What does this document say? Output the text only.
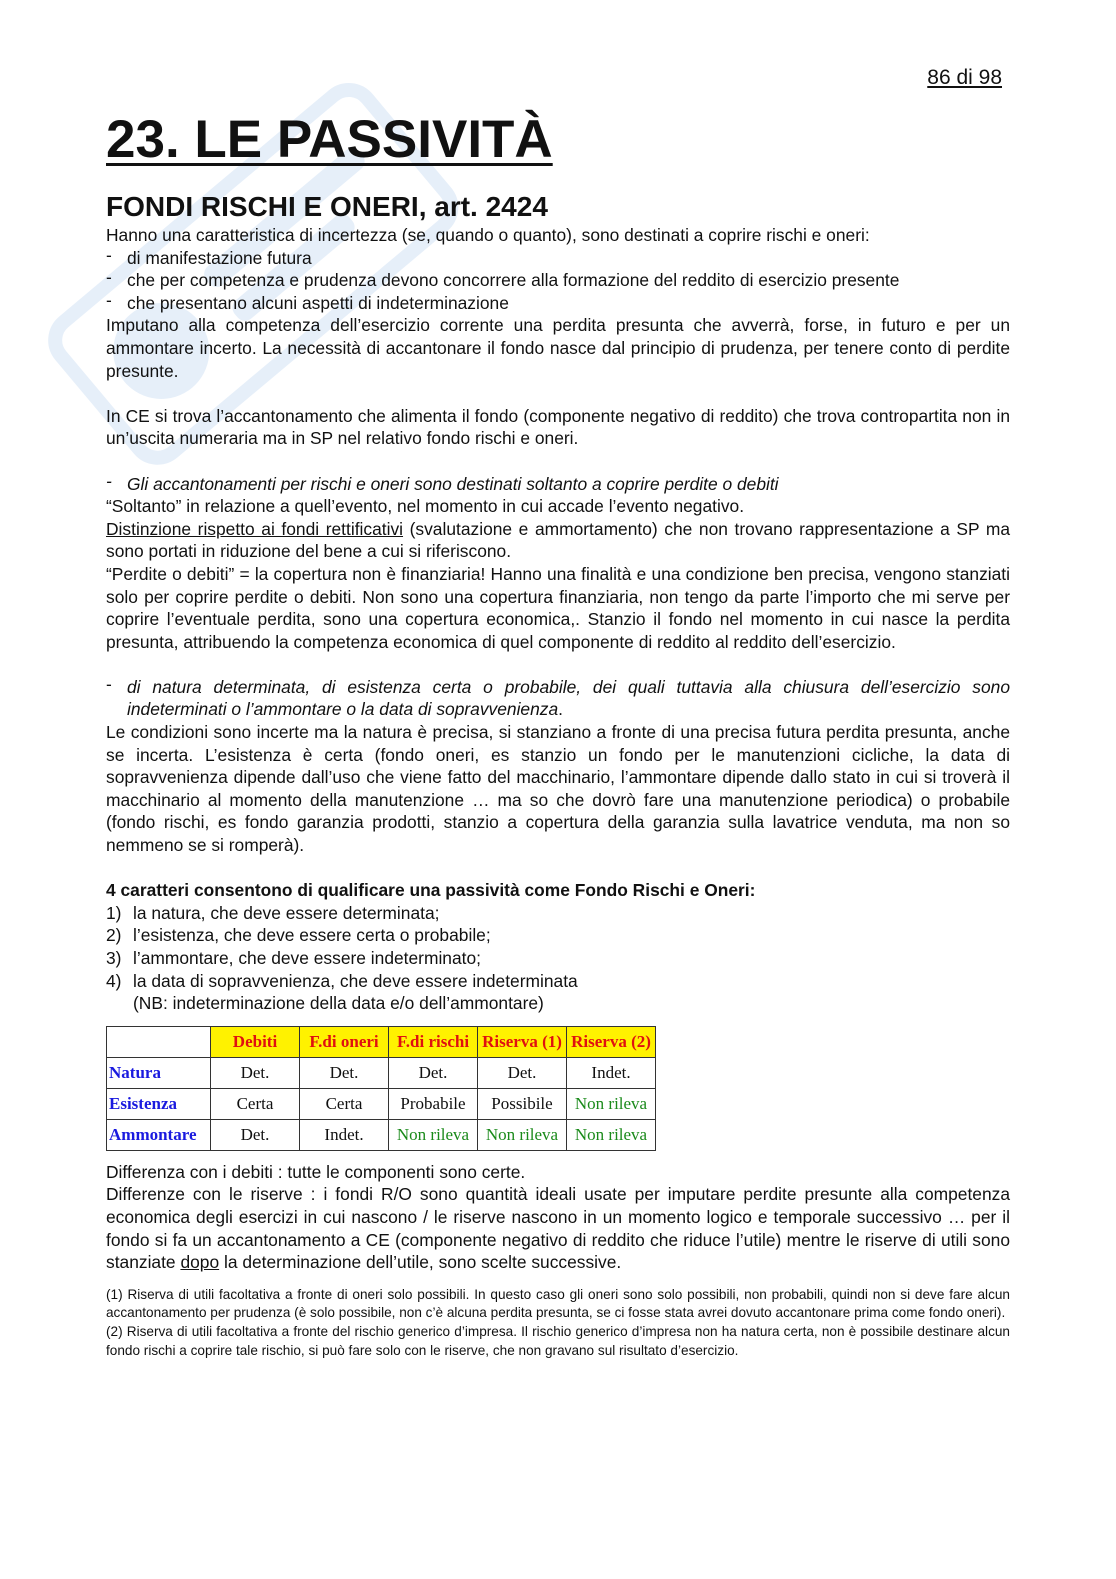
86 di 98
23. LE PASSIVITÀ
FONDI RISCHI E ONERI, art. 2424

Hanno una caratteristica di incertezza (se, quando o quanto), sono destinati a coprire rischi e oneri:

- di manifestazione futura

- che per competenza e prudenza devono concorrere alla formazione del reddito di esercizio presente

- che presentano alcuni aspetti di indeterminazione

Imputano alla competenza dell’esercizio corrente una perdita presunta che avverrà, forse, in futuro e per un ammontare incerto. La necessità di accantonare il fondo nasce dal principio di prudenza, per tenere conto di perdite presunte.

In CE si trova l’accantonamento che alimenta il fondo (componente negativo di reddito) che trova contropartita non in un’uscita numeraria ma in SP nel relativo fondo rischi e oneri.

- Gli accantonamenti per rischi e oneri sono destinati soltanto a coprire perdite o debiti

“Soltanto” in relazione a quell’evento, nel momento in cui accade l’evento negativo.

Distinzione rispetto ai fondi rettificativi (svalutazione e ammortamento) che non trovano rappresentazione a SP ma sono portati in riduzione del bene a cui si riferiscono.

“Perdite o debiti” = la copertura non è finanziaria! Hanno una finalità e una condizione ben precisa, vengono stanziati solo per coprire perdite o debiti. Non sono una copertura finanziaria, non tengo da parte l’importo che mi serve per coprire l’eventuale perdita, sono una copertura economica,. Stanzio il fondo nel momento in cui nasce la perdita presunta, attribuendo la competenza economica di quel componente di reddito al reddito dell’esercizio.

- di natura determinata, di esistenza certa o probabile, dei quali tuttavia alla chiusura dell’esercizio sono indeterminati o l’ammontare o la data di sopravvenienza.

Le condizioni sono incerte ma la natura è precisa, si stanziano a fronte di una precisa futura perdita presunta, anche se incerta. L’esistenza è certa (fondo oneri, es stanzio un fondo per le manutenzioni cicliche, la data di sopravvenienza dipende dall’uso che viene fatto del macchinario, l’ammontare dipende dallo stato in cui si troverà il macchinario al momento della manutenzione … ma so che dovrò fare una manutenzione periodica) o probabile (fondo rischi, es fondo garanzia prodotti, stanzio a copertura della garanzia sulla lavatrice venduta, ma non so nemmeno se si romperà).

4 caratteri consentono di qualificare una passività come Fondo Rischi e Oneri:

1) la natura, che deve essere determinata;
2) l’esistenza, che deve essere certa o probabile;
3) l’ammontare, che deve essere indeterminato;
4) la data di sopravvenienza, che deve essere indeterminata
(NB: indeterminazione della data e/o dell’ammontare)
	Debiti	F.di oneri	F.di rischi	Riserva (1)	Riserva (2)
Natura	Det.	Det.	Det.	Det.	Indet.
Esistenza	Certa	Certa	Probabile	Possibile	Non rileva
Ammontare	Det.	Indet.	Non rileva	Non rileva	Non rileva

Differenza con i debiti : tutte le componenti sono certe.

Differenze con le riserve : i fondi R/O sono quantità ideali usate per imputare perdite presunte alla competenza economica degli esercizi in cui nascono / le riserve nascono in un momento logico e temporale successivo … per il fondo si fa un accantonamento a CE (componente negativo di reddito che riduce l’utile) mentre le riserve di utili sono stanziate dopo la determinazione dell’utile, sono scelte successive.

(1) Riserva di utili facoltativa a fronte di oneri solo possibili. In questo caso gli oneri sono solo possibili, non probabili, quindi non si deve fare alcun accantonamento per prudenza (è solo possibile, non c’è alcuna perdita presunta, se ci fosse stata avrei dovuto accantonare prima come fondo oneri).

(2) Riserva di utili facoltativa a fronte del rischio generico d’impresa. Il rischio generico d’impresa non ha natura certa, non è possibile destinare alcun fondo rischi a coprire tale rischio, si può fare solo con le riserve, che non gravano sul risultato d’esercizio.
